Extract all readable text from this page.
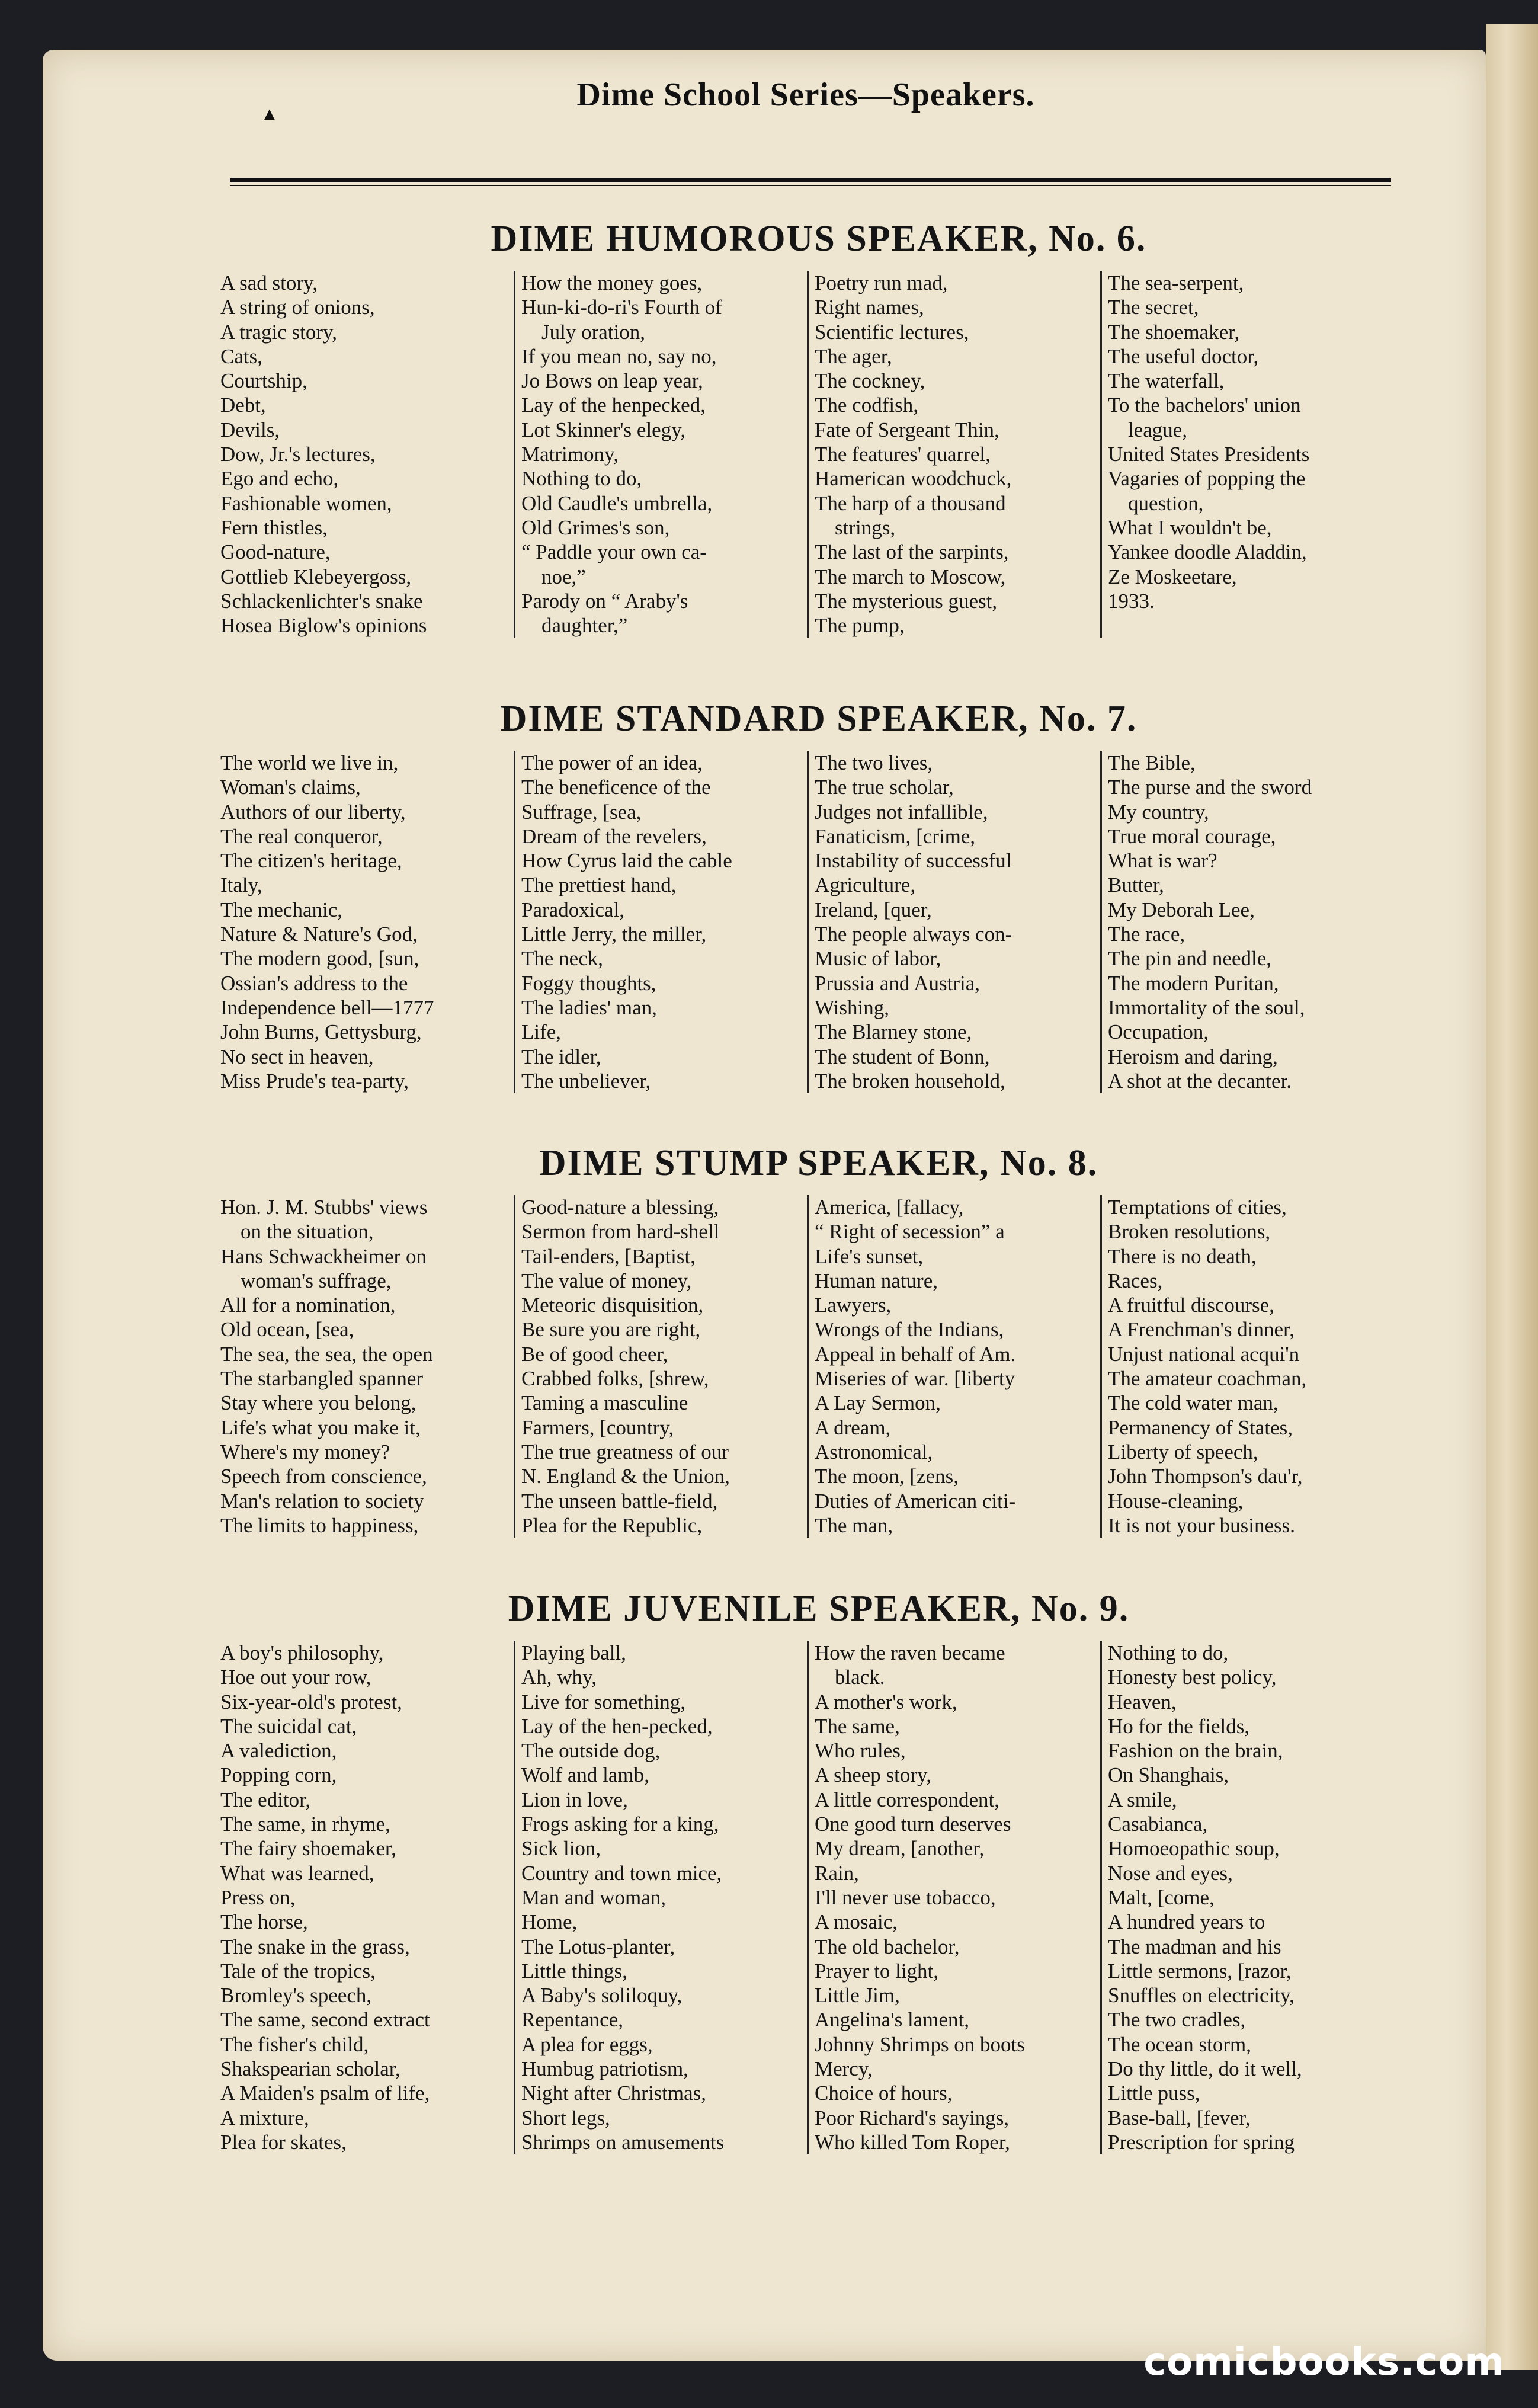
▲
Dime School Series—Speakers.
DIME HUMOROUS SPEAKER, No. 6.
A sad story,
A string of onions,
A tragic story,
Cats,
Courtship,
Debt,
Devils,
Dow, Jr.'s lectures,
Ego and echo,
Fashionable women,
Fern thistles,
Good-nature,
Gottlieb Klebeyergoss,
Schlackenlichter's snake
Hosea Biglow's opinions
How the money goes,
Hun-ki-do-ri's Fourth of
July oration,
If you mean no, say no,
Jo Bows on leap year,
Lay of the henpecked,
Lot Skinner's elegy,
Matrimony,
Nothing to do,
Old Caudle's umbrella,
Old Grimes's son,
“ Paddle your own ca-
noe,”
Parody on “ Araby's
daughter,”
Poetry run mad,
Right names,
Scientific lectures,
The ager,
The cockney,
The codfish,
Fate of Sergeant Thin,
The features' quarrel,
Hamerican woodchuck,
The harp of a thousand
strings,
The last of the sarpints,
The march to Moscow,
The mysterious guest,
The pump,
The sea-serpent,
The secret,
The shoemaker,
The useful doctor,
The waterfall,
To the bachelors' union
league,
United States Presidents
Vagaries of popping the
question,
What I wouldn't be,
Yankee doodle Aladdin,
Ze Moskeetare,
1933.
DIME STANDARD SPEAKER, No. 7.
The world we live in,
Woman's claims,
Authors of our liberty,
The real conqueror,
The citizen's heritage,
Italy,
The mechanic,
Nature & Nature's God,
The modern good, [sun,
Ossian's address to the
Independence bell—1777
John Burns, Gettysburg,
No sect in heaven,
Miss Prude's tea-party,
The power of an idea,
The beneficence of the
Suffrage, [sea,
Dream of the revelers,
How Cyrus laid the cable
The prettiest hand,
Paradoxical,
Little Jerry, the miller,
The neck,
Foggy thoughts,
The ladies' man,
Life,
The idler,
The unbeliever,
The two lives,
The true scholar,
Judges not infallible,
Fanaticism, [crime,
Instability of successful
Agriculture,
Ireland, [quer,
The people always con-
Music of labor,
Prussia and Austria,
Wishing,
The Blarney stone,
The student of Bonn,
The broken household,
The Bible,
The purse and the sword
My country,
True moral courage,
What is war?
Butter,
My Deborah Lee,
The race,
The pin and needle,
The modern Puritan,
Immortality of the soul,
Occupation,
Heroism and daring,
A shot at the decanter.
DIME STUMP SPEAKER, No. 8.
Hon. J. M. Stubbs' views
on the situation,
Hans Schwackheimer on
woman's suffrage,
All for a nomination,
Old ocean, [sea,
The sea, the sea, the open
The starbangled spanner
Stay where you belong,
Life's what you make it,
Where's my money?
Speech from conscience,
Man's relation to society
The limits to happiness,
Good-nature a blessing,
Sermon from hard-shell
Tail-enders, [Baptist,
The value of money,
Meteoric disquisition,
Be sure you are right,
Be of good cheer,
Crabbed folks, [shrew,
Taming a masculine
Farmers, [country,
The true greatness of our
N. England & the Union,
The unseen battle-field,
Plea for the Republic,
America, [fallacy,
“ Right of secession” a
Life's sunset,
Human nature,
Lawyers,
Wrongs of the Indians,
Appeal in behalf of Am.
Miseries of war. [liberty
A Lay Sermon,
A dream,
Astronomical,
The moon, [zens,
Duties of American citi-
The man,
Temptations of cities,
Broken resolutions,
There is no death,
Races,
A fruitful discourse,
A Frenchman's dinner,
Unjust national acqui'n
The amateur coachman,
The cold water man,
Permanency of States,
Liberty of speech,
John Thompson's dau'r,
House-cleaning,
It is not your business.
DIME JUVENILE SPEAKER, No. 9.
A boy's philosophy,
Hoe out your row,
Six-year-old's protest,
The suicidal cat,
A valediction,
Popping corn,
The editor,
The same, in rhyme,
The fairy shoemaker,
What was learned,
Press on,
The horse,
The snake in the grass,
Tale of the tropics,
Bromley's speech,
The same, second extract
The fisher's child,
Shakspearian scholar,
A Maiden's psalm of life,
A mixture,
Plea for skates,
Playing ball,
Ah, why,
Live for something,
Lay of the hen-pecked,
The outside dog,
Wolf and lamb,
Lion in love,
Frogs asking for a king,
Sick lion,
Country and town mice,
Man and woman,
Home,
The Lotus-planter,
Little things,
A Baby's soliloquy,
Repentance,
A plea for eggs,
Humbug patriotism,
Night after Christmas,
Short legs,
Shrimps on amusements
How the raven became
black.
A mother's work,
The same,
Who rules,
A sheep story,
A little correspondent,
One good turn deserves
My dream, [another,
Rain,
I'll never use tobacco,
A mosaic,
The old bachelor,
Prayer to light,
Little Jim,
Angelina's lament,
Johnny Shrimps on boots
Mercy,
Choice of hours,
Poor Richard's sayings,
Who killed Tom Roper,
Nothing to do,
Honesty best policy,
Heaven,
Ho for the fields,
Fashion on the brain,
On Shanghais,
A smile,
Casabianca,
Homoeopathic soup,
Nose and eyes,
Malt, [come,
A hundred years to
The madman and his
Little sermons, [razor,
Snuffles on electricity,
The two cradles,
The ocean storm,
Do thy little, do it well,
Little puss,
Base-ball, [fever,
Prescription for spring
comicbooks.com
